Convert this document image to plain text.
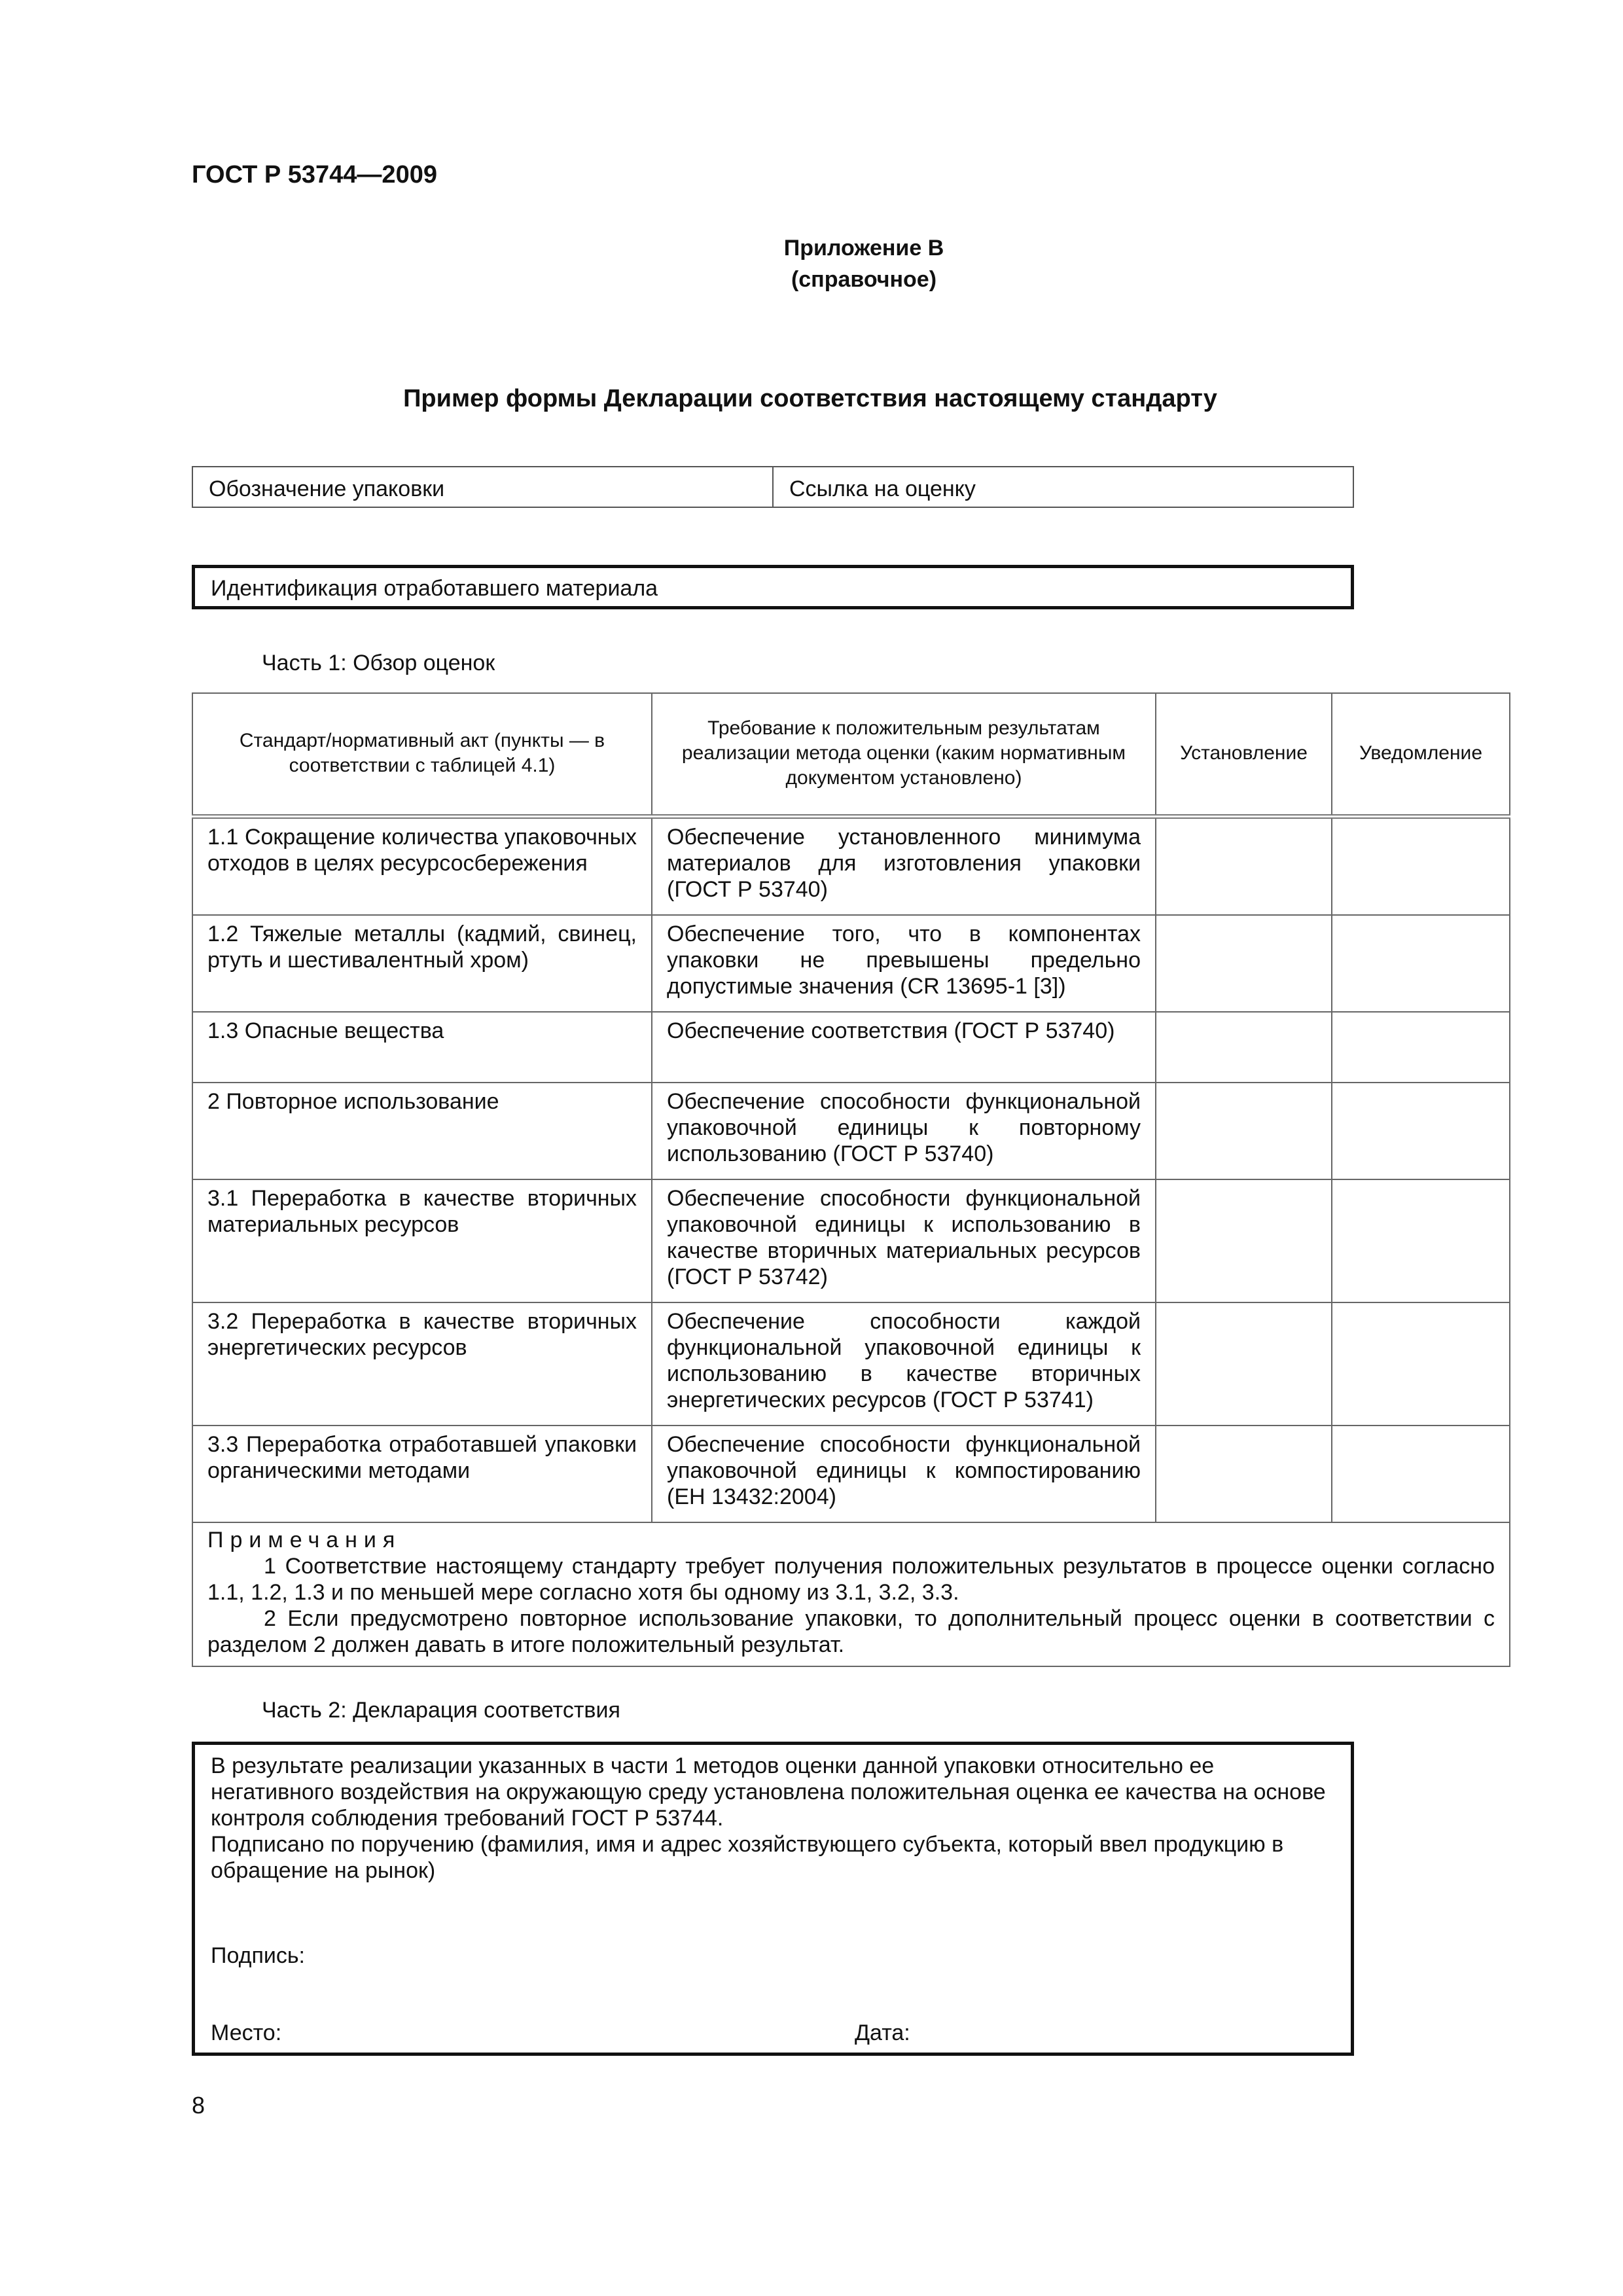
ГОСТ Р 53744—2009
Приложение В
(справочное)
Пример формы Декларации соответствия настоящему стандарту
Обозначение упаковки	Ссылка на оценку
Идентификация отработавшего материала
Часть 1: Обзор оценок
Стандарт/нормативный акт (пункты — в соответствии с таблицей 4.1)	Требование к положительным результатам реализации метода оценки (каким нормативным документом установлено)	Установление	Уведомление
1.1 Сокращение количества упаковочных отходов в целях ресурсосбережения	Обеспечение установленного минимума материалов для изготовления упаковки (ГОСТ Р 53740)		
1.2 Тяжелые металлы (кадмий, свинец, ртуть и шестивалентный хром)	Обеспечение того, что в компонентах упаковки не превышены предельно допустимые значения (CR 13695-1 [3])		
1.3 Опасные вещества	Обеспечение соответствия (ГОСТ Р 53740)		
2 Повторное использование	Обеспечение способности функциональной упаковочной единицы к повторному использованию (ГОСТ Р 53740)		
3.1 Переработка в качестве вторичных материальных ресурсов	Обеспечение способности функциональной упаковочной единицы к использованию в качестве вторичных материальных ресурсов (ГОСТ Р 53742)		
3.2 Переработка в качестве вторичных энергетических ресурсов	Обеспечение способности каждой функциональной упаковочной единицы к использованию в качестве вторичных энергетических ресурсов (ГОСТ Р 53741)		
3.3 Переработка отработавшей упаковки органическими методами	Обеспечение способности функциональной упаковочной единицы к компостированию (ЕН 13432:2004)		

Примечания
1 Соответствие настоящему стандарту требует получения положительных результатов в процессе оценки согласно 1.1, 1.2, 1.3 и по меньшей мере согласно хотя бы одному из 3.1, 3.2, 3.3.
2 Если предусмотрено повторное использование упаковки, то дополнительный процесс оценки в соответствии с разделом 2 должен давать в итоге положительный результат.			
Часть 2: Декларация соответствия

В результате реализации указанных в части 1 методов оценки данной упаковки относительно ее негативного воздействия на окружающую среду установлена положительная оценка ее качества на основе контроля соблюдения требований ГОСТ Р 53744.

Подписано по поручению (фамилия, имя и адрес хозяйствующего субъекта, который ввел продукцию в обращение на рынок)

Подпись:
Место:	Дата:
8
